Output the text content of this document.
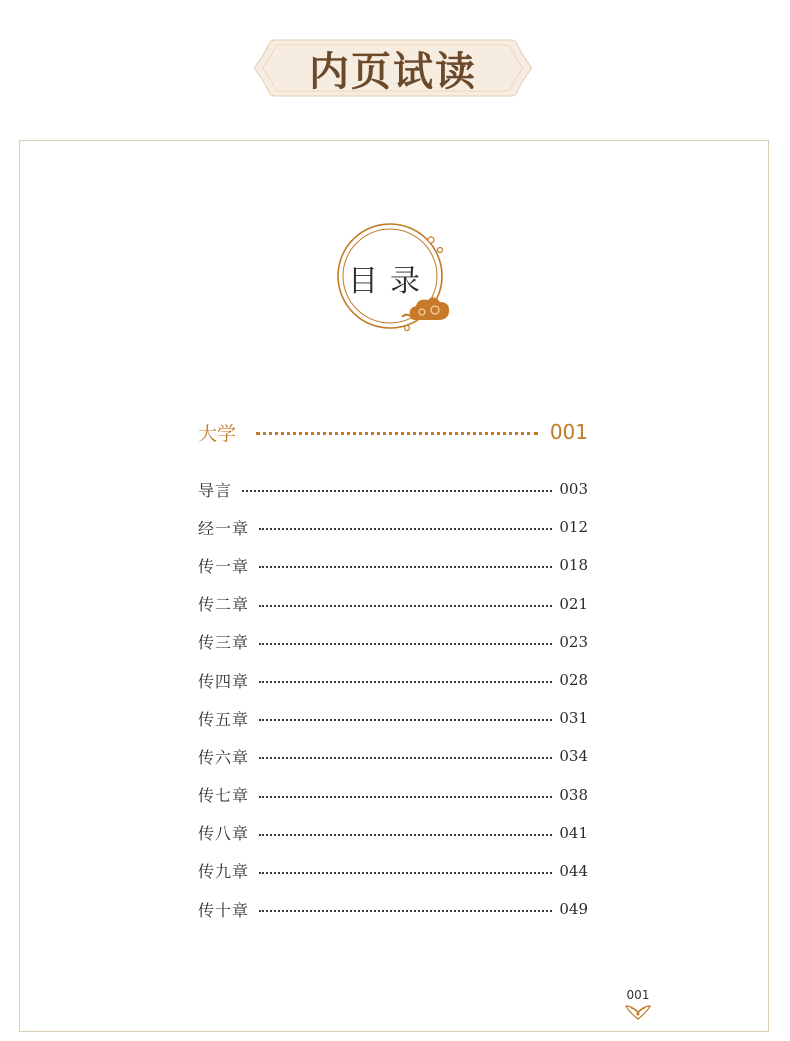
内页试读
目录
大学	001
导言	003
经一章	012
传一章	018
传二章	021
传三章	023
传四章	028
传五章	031
传六章	034
传七章	038
传八章	041
传九章	044
传十章	049
001
